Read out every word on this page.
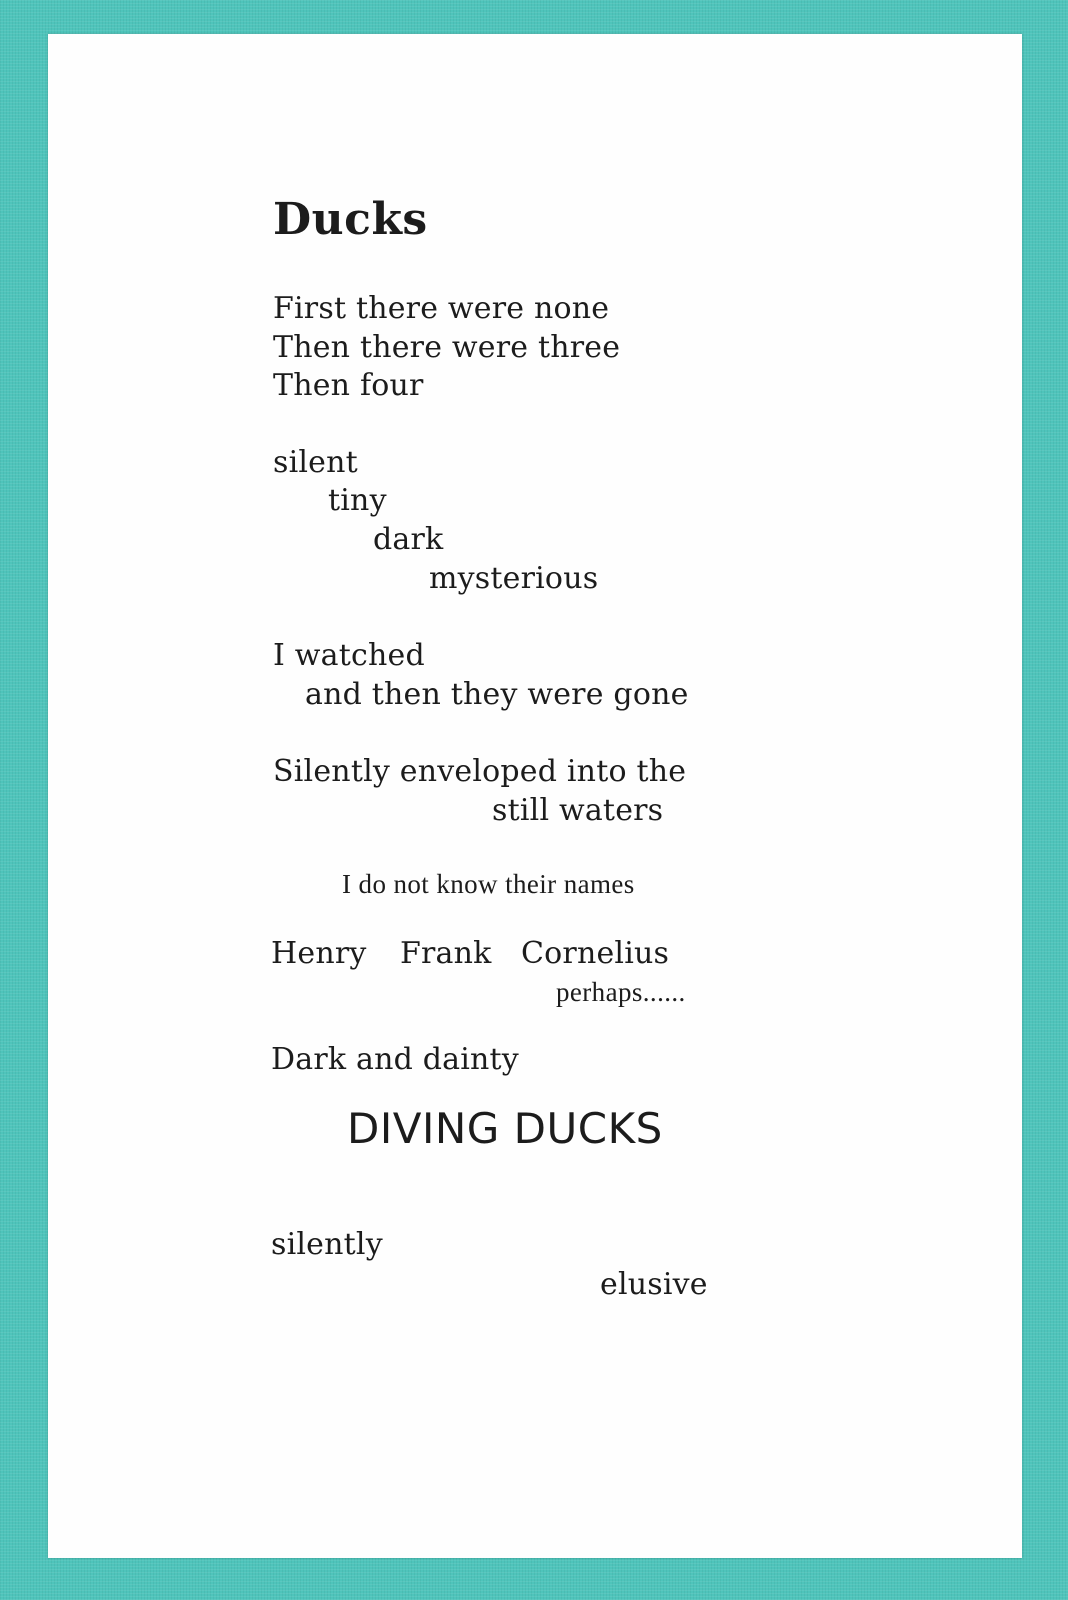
Ducks
First there were none
Then there were three
Then four
silent
tiny
dark
mysterious
I watched
and then they were gone
Silently enveloped into the
still waters
I do not know their names
Henry Frank Cornelius
perhaps......
Dark and dainty
DIVING DUCKS
silently
elusive
